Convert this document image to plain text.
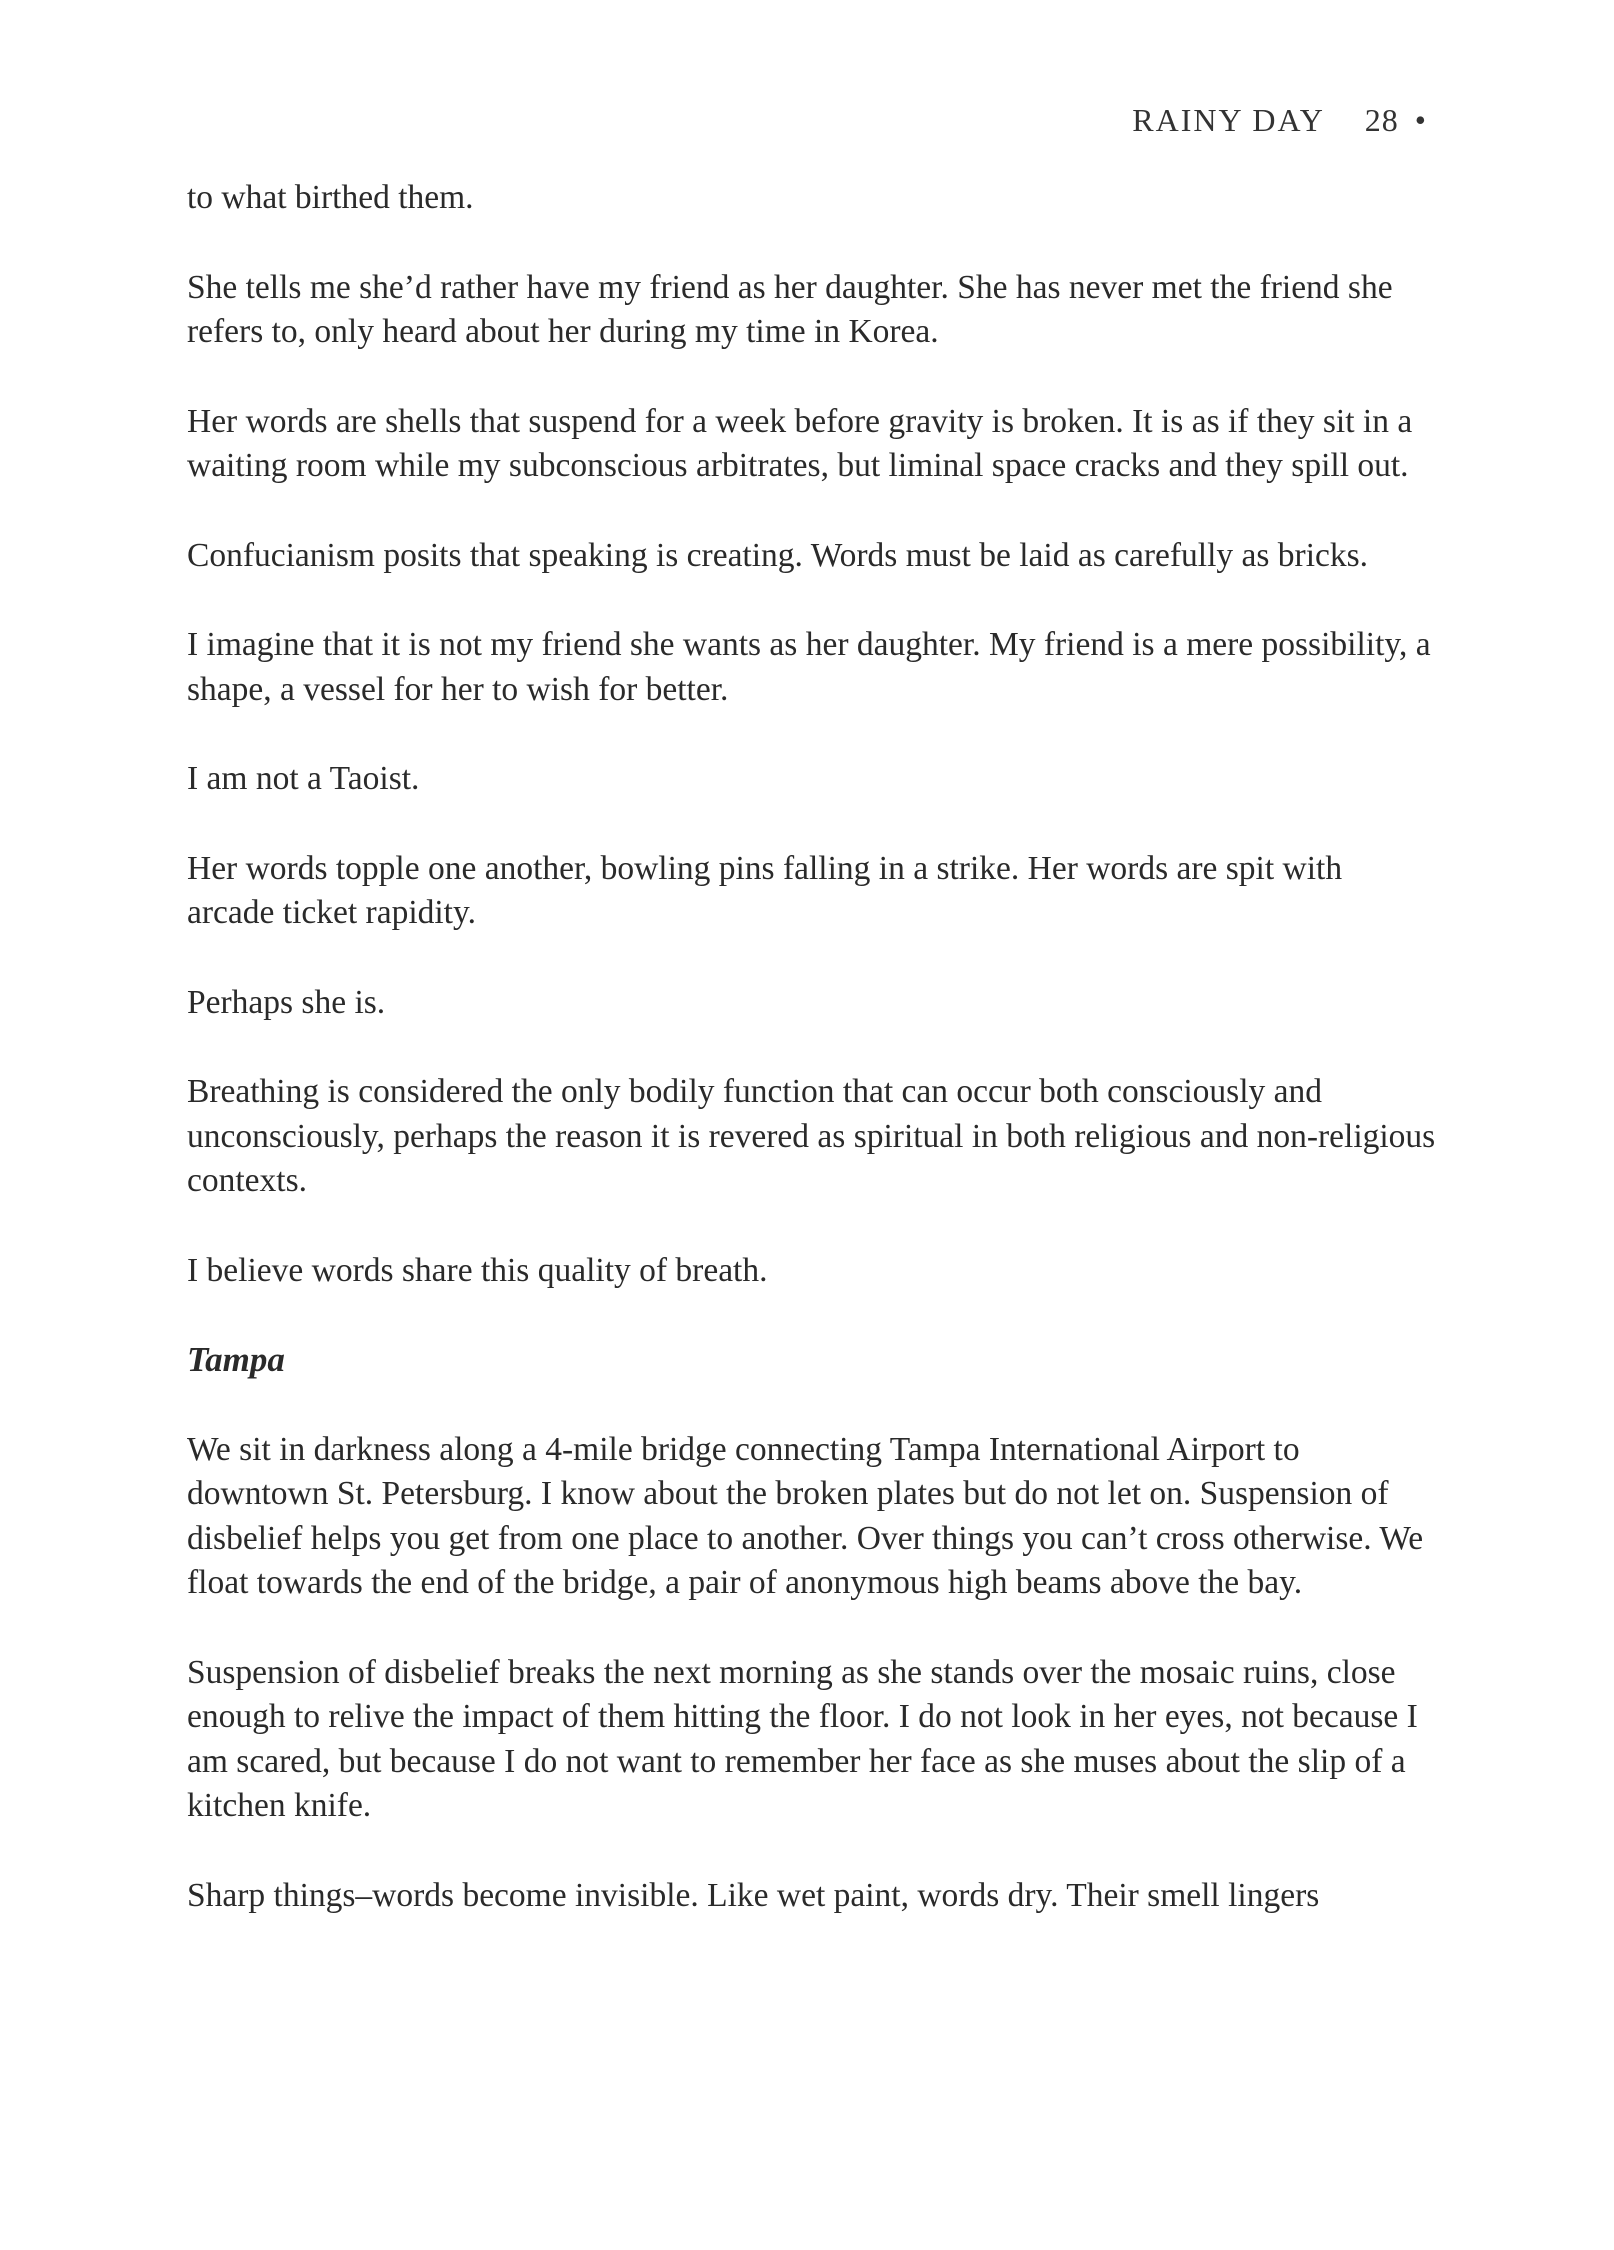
RAINY DAY 28 •

to what birthed them.

She tells me she’d rather have my friend as her daughter. She has never met the friend she refers to, only heard about her during my time in Korea.

Her words are shells that suspend for a week before gravity is broken. It is as if they sit in a waiting room while my subconscious arbitrates, but liminal space cracks and they spill out.

Confucianism posits that speaking is creating. Words must be laid as carefully as bricks.

I imagine that it is not my friend she wants as her daughter. My friend is a mere possibility, a shape, a vessel for her to wish for better.

I am not a Taoist.

Her words topple one another, bowling pins falling in a strike. Her words are spit with arcade ticket rapidity.

Perhaps she is.

Breathing is considered the only bodily function that can occur both consciously and unconsciously, perhaps the reason it is revered as spiritual in both religious and non-religious contexts.

I believe words share this quality of breath.

Tampa

We sit in darkness along a 4-mile bridge connecting Tampa International Airport to downtown St. Petersburg. I know about the broken plates but do not let on. Suspension of disbelief helps you get from one place to another. Over things you can’t cross otherwise. We float towards the end of the bridge, a pair of anonymous high beams above the bay.

Suspension of disbelief breaks the next morning as she stands over the mosaic ruins, close enough to relive the impact of them hitting the floor. I do not look in her eyes, not because I am scared, but because I do not want to remember her face as she muses about the slip of a kitchen knife.

Sharp things–words become invisible. Like wet paint, words dry. Their smell lingers
